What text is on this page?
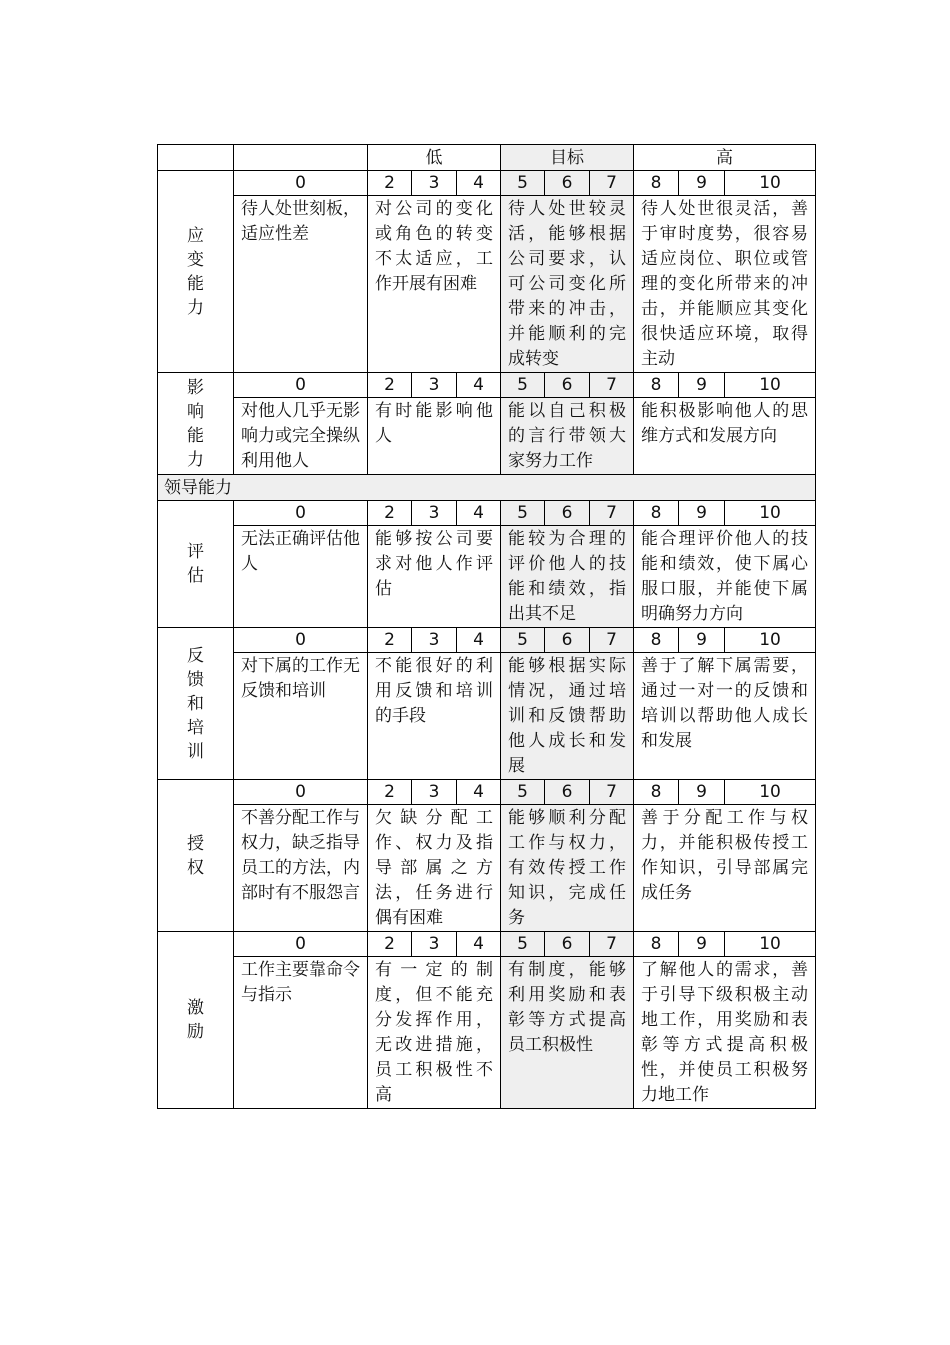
		低			目标			高		

应变能力	0	2	3	4	5	6	7	8	9	10
	待人处世刻板，适应性差	对公司的变化或角色的转变不太适应，工作开展有困难			待人处世较灵活，能够根据公司要求，认可公司变化所带来的冲击，并能顺利的完成转变			待人处世很灵活，善于审时度势，很容易适应岗位、职位或管理的变化所带来的冲击，并能顺应其变化很快适应环境，取得主动		

影响能力	0	2	3	4	5	6	7	8	9	10
	对他人几乎无影响力或完全操纵利用他人	有时能影响他人			能以自己积极的言行带领大家努力工作			能积极影响他人的思维方式和发展方向		
领导能力										

评估	0	2	3	4	5	6	7	8	9	10
	无法正确评估他人	能够按公司要求对他人作评估			能较为合理的评价他人的技能和绩效，指出其不足			能合理评价他人的技能和绩效，使下属心服口服，并能使下属明确努力方向		

反馈和培训	0	2	3	4	5	6	7	8	9	10
	对下属的工作无反馈和培训	不能很好的利用反馈和培训的手段			能够根据实际情况，通过培训和反馈帮助他人成长和发展			善于了解下属需要，通过一对一的反馈和培训以帮助他人成长和发展		

授权	0	2	3	4	5	6	7	8	9	10
	不善分配工作与权力，缺乏指导员工的方法，内部时有不服怨言	欠缺分配工作、权力及指导部属之方法，任务进行偶有困难			能够顺利分配工作与权力，有效传授工作知识，完成任务			善于分配工作与权力，并能积极传授工作知识，引导部属完成任务		

激励	0	2	3	4	5	6	7	8	9	10
	工作主要靠命令与指示	有一定的制度，但不能充分发挥作用，无改进措施，员工积极性不高			有制度，能够利用奖励和表彰等方式提高员工积极性			了解他人的需求，善于引导下级积极主动地工作，用奖励和表彰等方式提高积极性，并使员工积极努力地工作		
